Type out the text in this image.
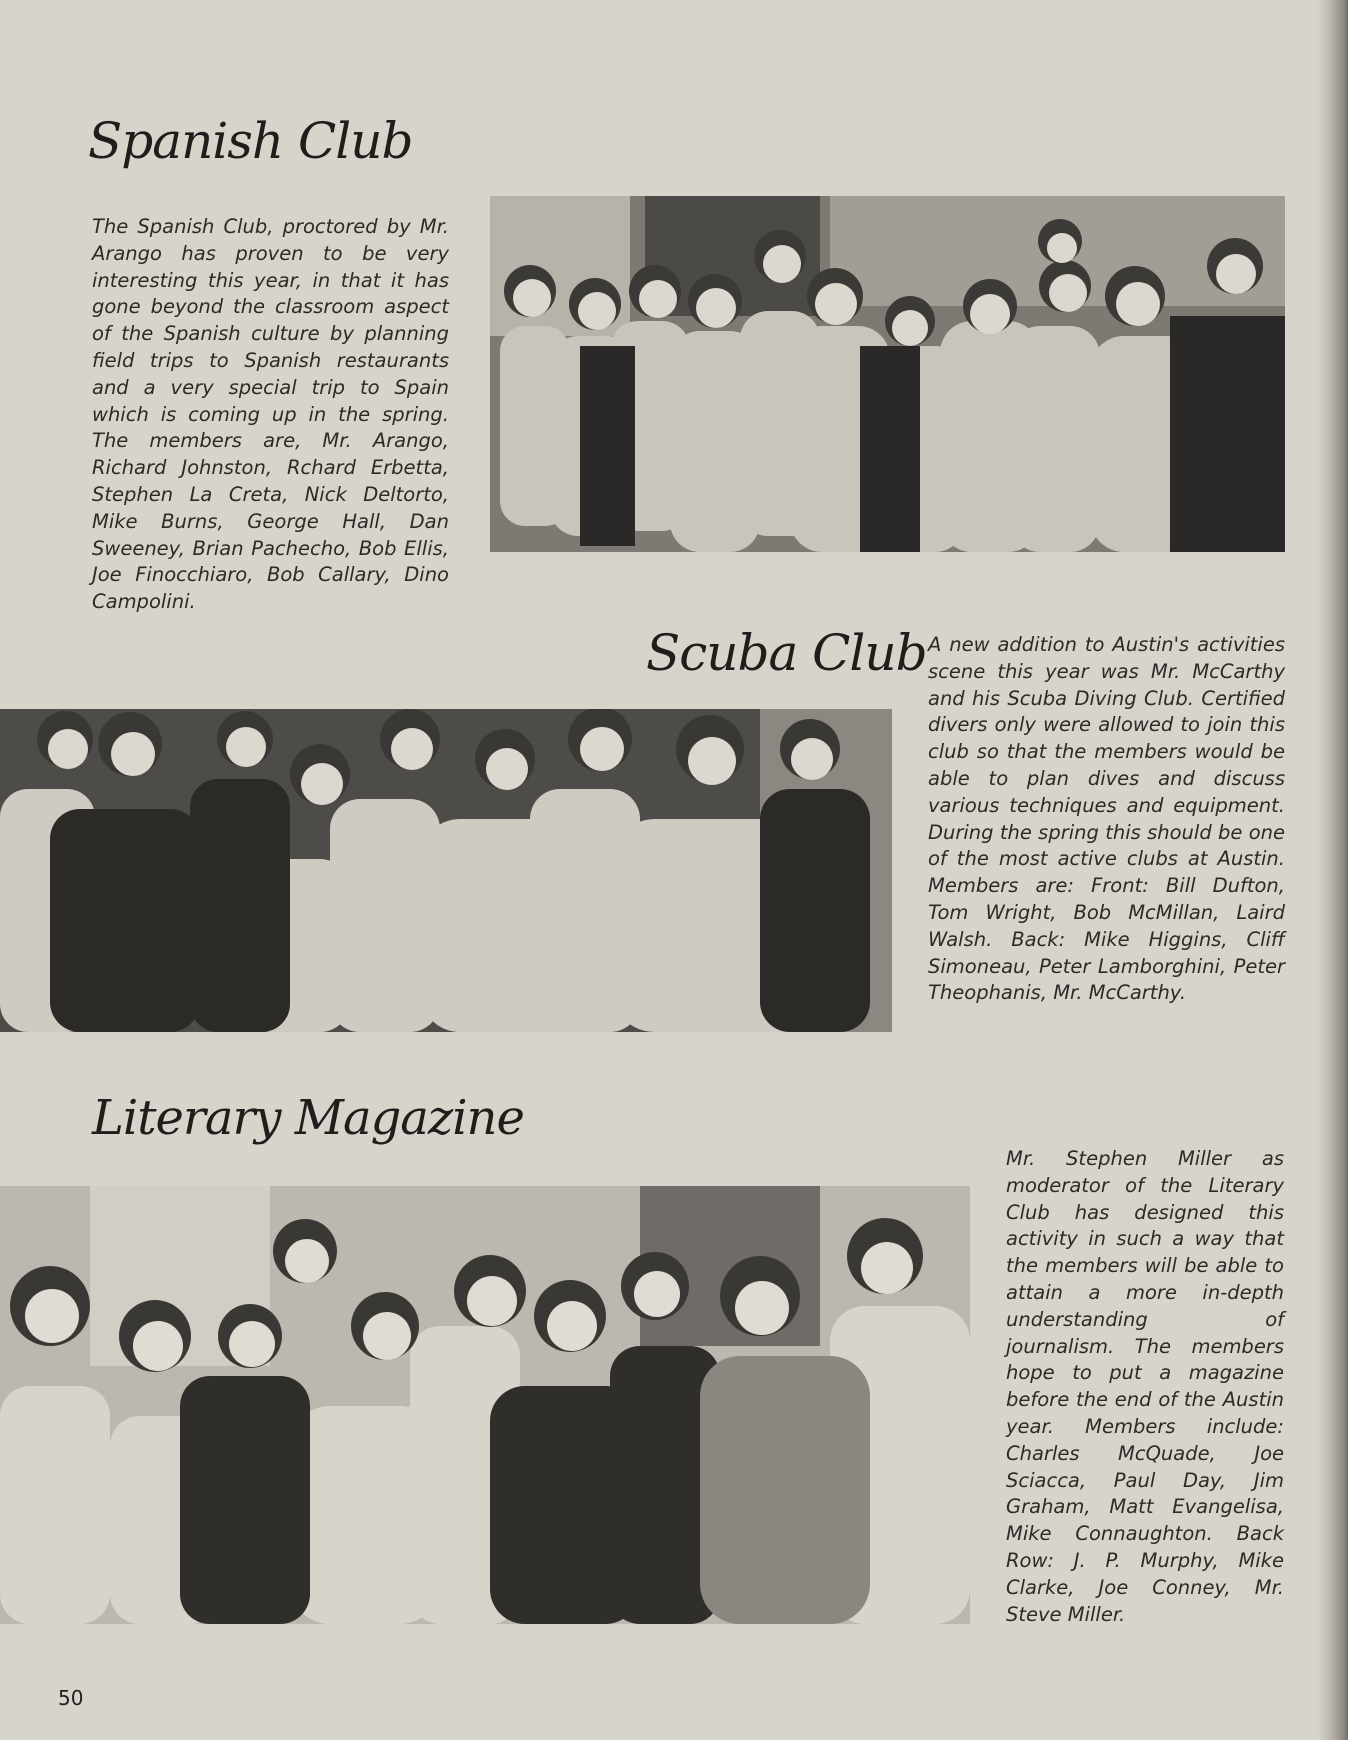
Spanish Club

The Spanish Club, proctored by Mr. Arango has proven to be very interesting this year, in that it has gone beyond the classroom aspect of the Spanish culture by planning field trips to Spanish restaurants and a very special trip to Spain which is coming up in the spring. The members are, Mr. Arango, Richard Johnston, Rchard Erbetta, Stephen La Creta, Nick Deltorto, Mike Burns, George Hall, Dan Sweeney, Brian Pachecho, Bob Ellis, Joe Finocchiaro, Bob Callary, Dino Campolini.

Scuba Club A new addition to Austin's activities scene this year was Mr. McCarthy and his Scuba Diving Club. Certified divers only were allowed to join this club so that the members would be able to plan dives and discuss various techniques and equipment. During the spring this should be one of the most active clubs at Austin. Members are: Front: Bill Dufton, Tom Wright, Bob McMillan, Laird Walsh. Back: Mike Higgins, Cliff Simoneau, Peter Lamborghini, Peter Theophanis, Mr. McCarthy.

Literary Magazine

Mr. Stephen Miller as moderator of the Literary Club has designed this activity in such a way that the members will be able to attain a more in-depth understanding of journalism. The members hope to put a magazine before the end of the Austin year. Members include: Charles McQuade, Joe Sciacca, Paul Day, Jim Graham, Matt Evangelisa, Mike Connaughton. Back Row: J. P. Murphy, Mike Clarke, Joe Conney, Mr. Steve Miller.

50
